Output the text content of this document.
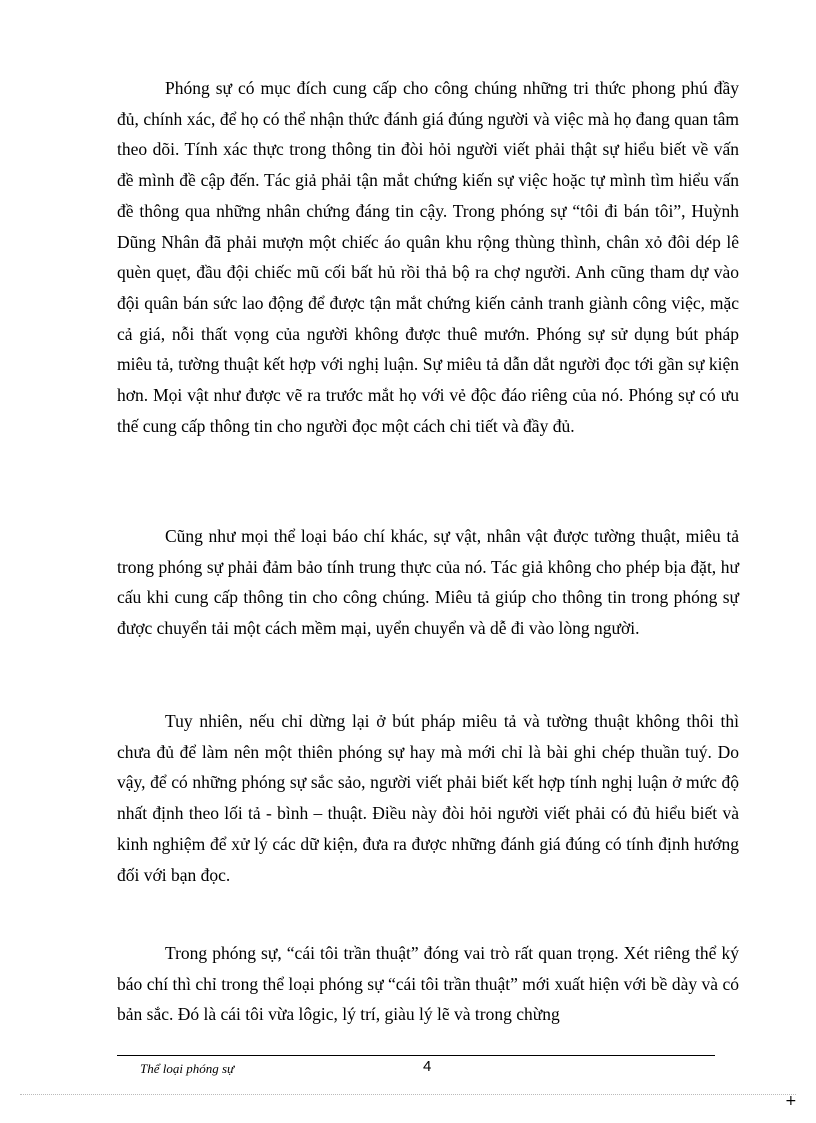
Phóng sự có mục đích cung cấp cho công chúng những tri thức phong phú đầy đủ, chính xác, để họ có thể nhận thức đánh giá đúng người và việc mà họ đang quan tâm theo dõi. Tính xác thực trong thông tin đòi hỏi người viết phải thật sự hiểu biết về vấn đề mình đề cập đến. Tác giả phải tận mắt chứng kiến sự việc hoặc tự mình tìm hiểu vấn đề thông qua những nhân chứng đáng tin cậy. Trong phóng sự “tôi đi bán tôi”, Huỳnh Dũng Nhân đã phải mượn một chiếc áo quân khu rộng thùng thình, chân xỏ đôi dép lê quèn quẹt, đầu đội chiếc mũ cối bất hủ rồi thả bộ ra chợ người. Anh cũng tham dự vào đội quân bán sức lao động để được tận mắt chứng kiến cảnh tranh giành công việc, mặc cả giá, nỗi thất vọng của người không được thuê mướn. Phóng sự sử dụng bút pháp miêu tả, tường thuật kết hợp với nghị luận. Sự miêu tả dẫn dắt người đọc tới gần sự kiện hơn. Mọi vật như được vẽ ra trước mắt họ với vẻ độc đáo riêng của nó. Phóng sự có ưu thế cung cấp thông tin cho người đọc một cách chi tiết và đầy đủ.

Cũng như mọi thể loại báo chí khác, sự vật, nhân vật được tường thuật, miêu tả trong phóng sự phải đảm bảo tính trung thực của nó. Tác giả không cho phép bịa đặt, hư cấu khi cung cấp thông tin cho công chúng. Miêu tả giúp cho thông tin trong phóng sự được chuyển tải một cách mềm mại, uyển chuyển và dễ đi vào lòng người.

Tuy nhiên, nếu chỉ dừng lại ở bút pháp miêu tả và tường thuật không thôi thì chưa đủ để làm nên một thiên phóng sự hay mà mới chỉ là bài ghi chép thuần tuý. Do vậy, để có những phóng sự sắc sảo, người viết phải biết kết hợp tính nghị luận ở mức độ nhất định theo lối tả - bình – thuật. Điều này đòi hỏi người viết phải có đủ hiểu biết và kinh nghiệm để xử lý các dữ kiện, đưa ra được những đánh giá đúng có tính định hướng đối với bạn đọc.

Trong phóng sự, “cái tôi trần thuật” đóng vai trò rất quan trọng. Xét riêng thể ký báo chí thì chỉ trong thể loại phóng sự “cái tôi trần thuật” mới xuất hiện với bề dày và có bản sắc. Đó là cái tôi vừa lôgic, lý trí, giàu lý lẽ và trong chừng

Thể loại phóng sự	4
+
